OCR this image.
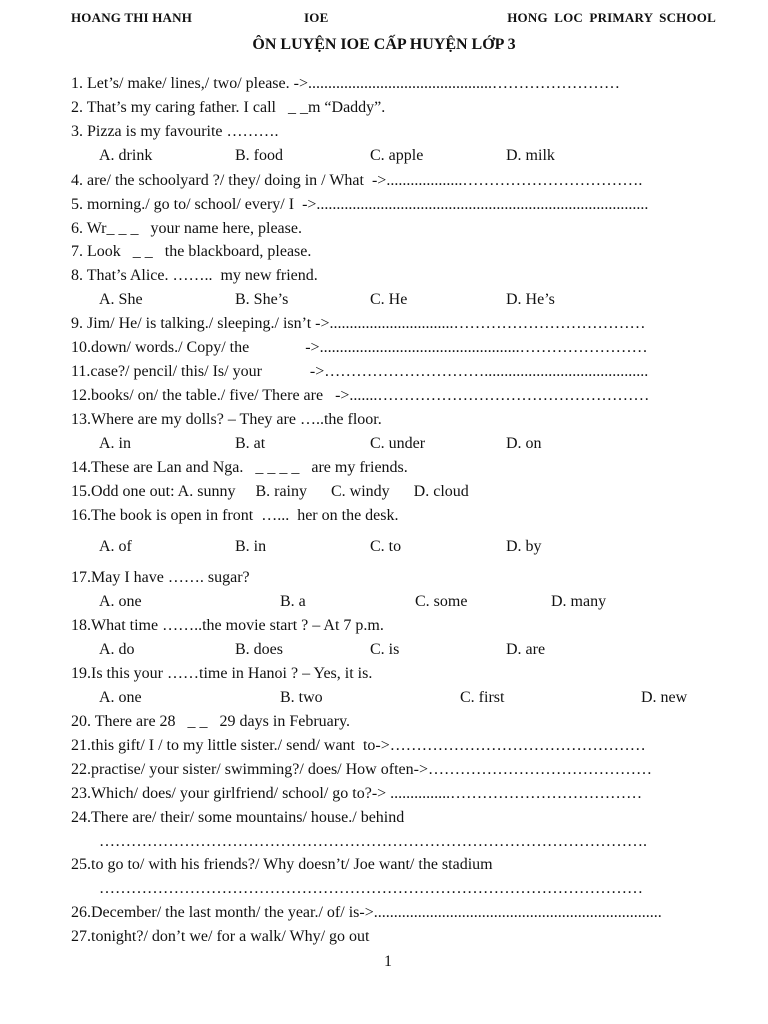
HOANG THI HANH	IOE	HONG LOC PRIMARY SCHOOL
ÔN LUYỆN IOE CẤP HUYỆN LỚP 3
1. Let’s/ make/ lines,/ two/ please. ->..............................................……………………
2. That’s my caring father. I call   _ _m “Daddy”.
3. Pizza is my favourite ……….
A. drink	B. food	C. apple	D. milk
4. are/ the schoolyard ?/ they/ doing in / What  ->...................…………………………….
5. morning./ go to/ school/ every/ I  ->...................................................................................
6. Wr_ _ _   your name here, please.
7. Look   _ _   the blackboard, please.
8. That’s Alice. ……..  my new friend.
A. She	B. She’s	C. He	D. He’s
9. Jim/ He/ is talking./ sleeping./ isn’t ->...............................………………………………
10.down/ words./ Copy/ the              ->..................................................……………………
11.case?/ pencil/ this/ Is/ your            ->………………………….........................................
12.books/ on/ the table./ five/ There are   ->.......……………………………………………
13.Where are my dolls? – They are …..the floor.
A. in	B. at	C. under	D. on
14.These are Lan and Nga.   _ _ _ _   are my friends.
15.Odd one out: A. sunny     B. rainy      C. windy      D. cloud
16.The book is open in front  …...  her on the desk.
A. of	B. in	C. to	D. by
17.May I have ……. sugar?
A. one	B. a	C. some	D. many
18.What time ……..the movie start ? – At 7 p.m.
A. do	B. does	C. is	D. are
19.Is this your ……time in Hanoi ? – Yes, it is.
A. one	B. two	C. first	D. new
20. There are 28   _ _   29 days in February.
21.this gift/ I / to my little sister./ send/ want  to->…………………………………………
22.practise/ your sister/ swimming?/ does/ How often->……………………………………
23.Which/ does/ your girlfriend/ school/ go to?-> ...............………………………………
24.There are/ their/ some mountains/ house./ behind
………………………………………………………………………………………….
25.to go to/ with his friends?/ Why doesn’t/ Joe want/ the stadium
…………………………………………………………………………………………
26.December/ the last month/ the year./ of/ is->........................................................................
27.tonight?/ don’t we/ for a walk/ Why/ go out
1
